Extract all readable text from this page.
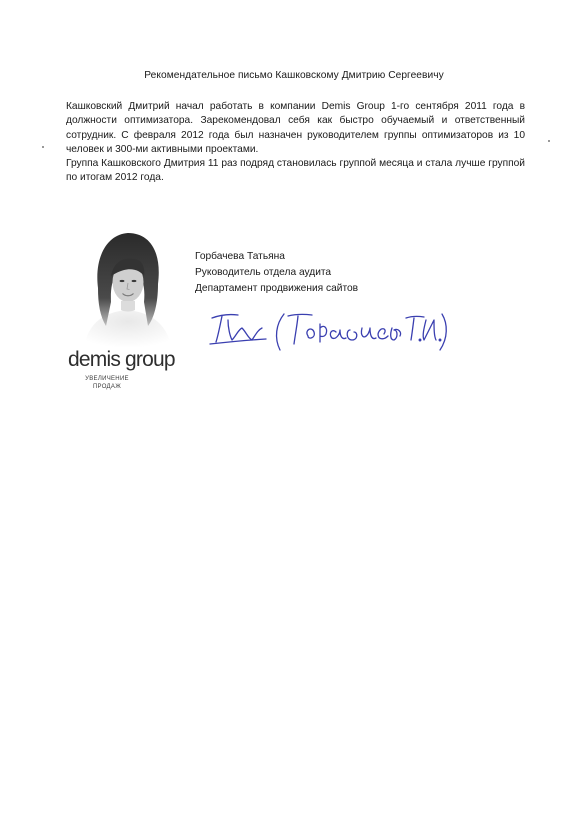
Рекомендательное письмо Кашковскому Дмитрию Сергеевичу

Кашковский Дмитрий начал работать в компании Demis Group 1-го сентября 2011 года в должности оптимизатора. Зарекомендовал себя как быстро обучаемый и ответственный сотрудник. С февраля 2012 года был назначен руководителем группы оптимизаторов из 10 человек и 300-ми активными проектами.

Группа Кашковского Дмитрия 11 раз подряд становилась группой месяца и стала лучше группой по итогам 2012 года.

demis group
УВЕЛИЧЕНИЕ
ПРОДАЖ
Горбачева Татьяна
Руководитель отдела аудита
Департамент продвижения сайтов
